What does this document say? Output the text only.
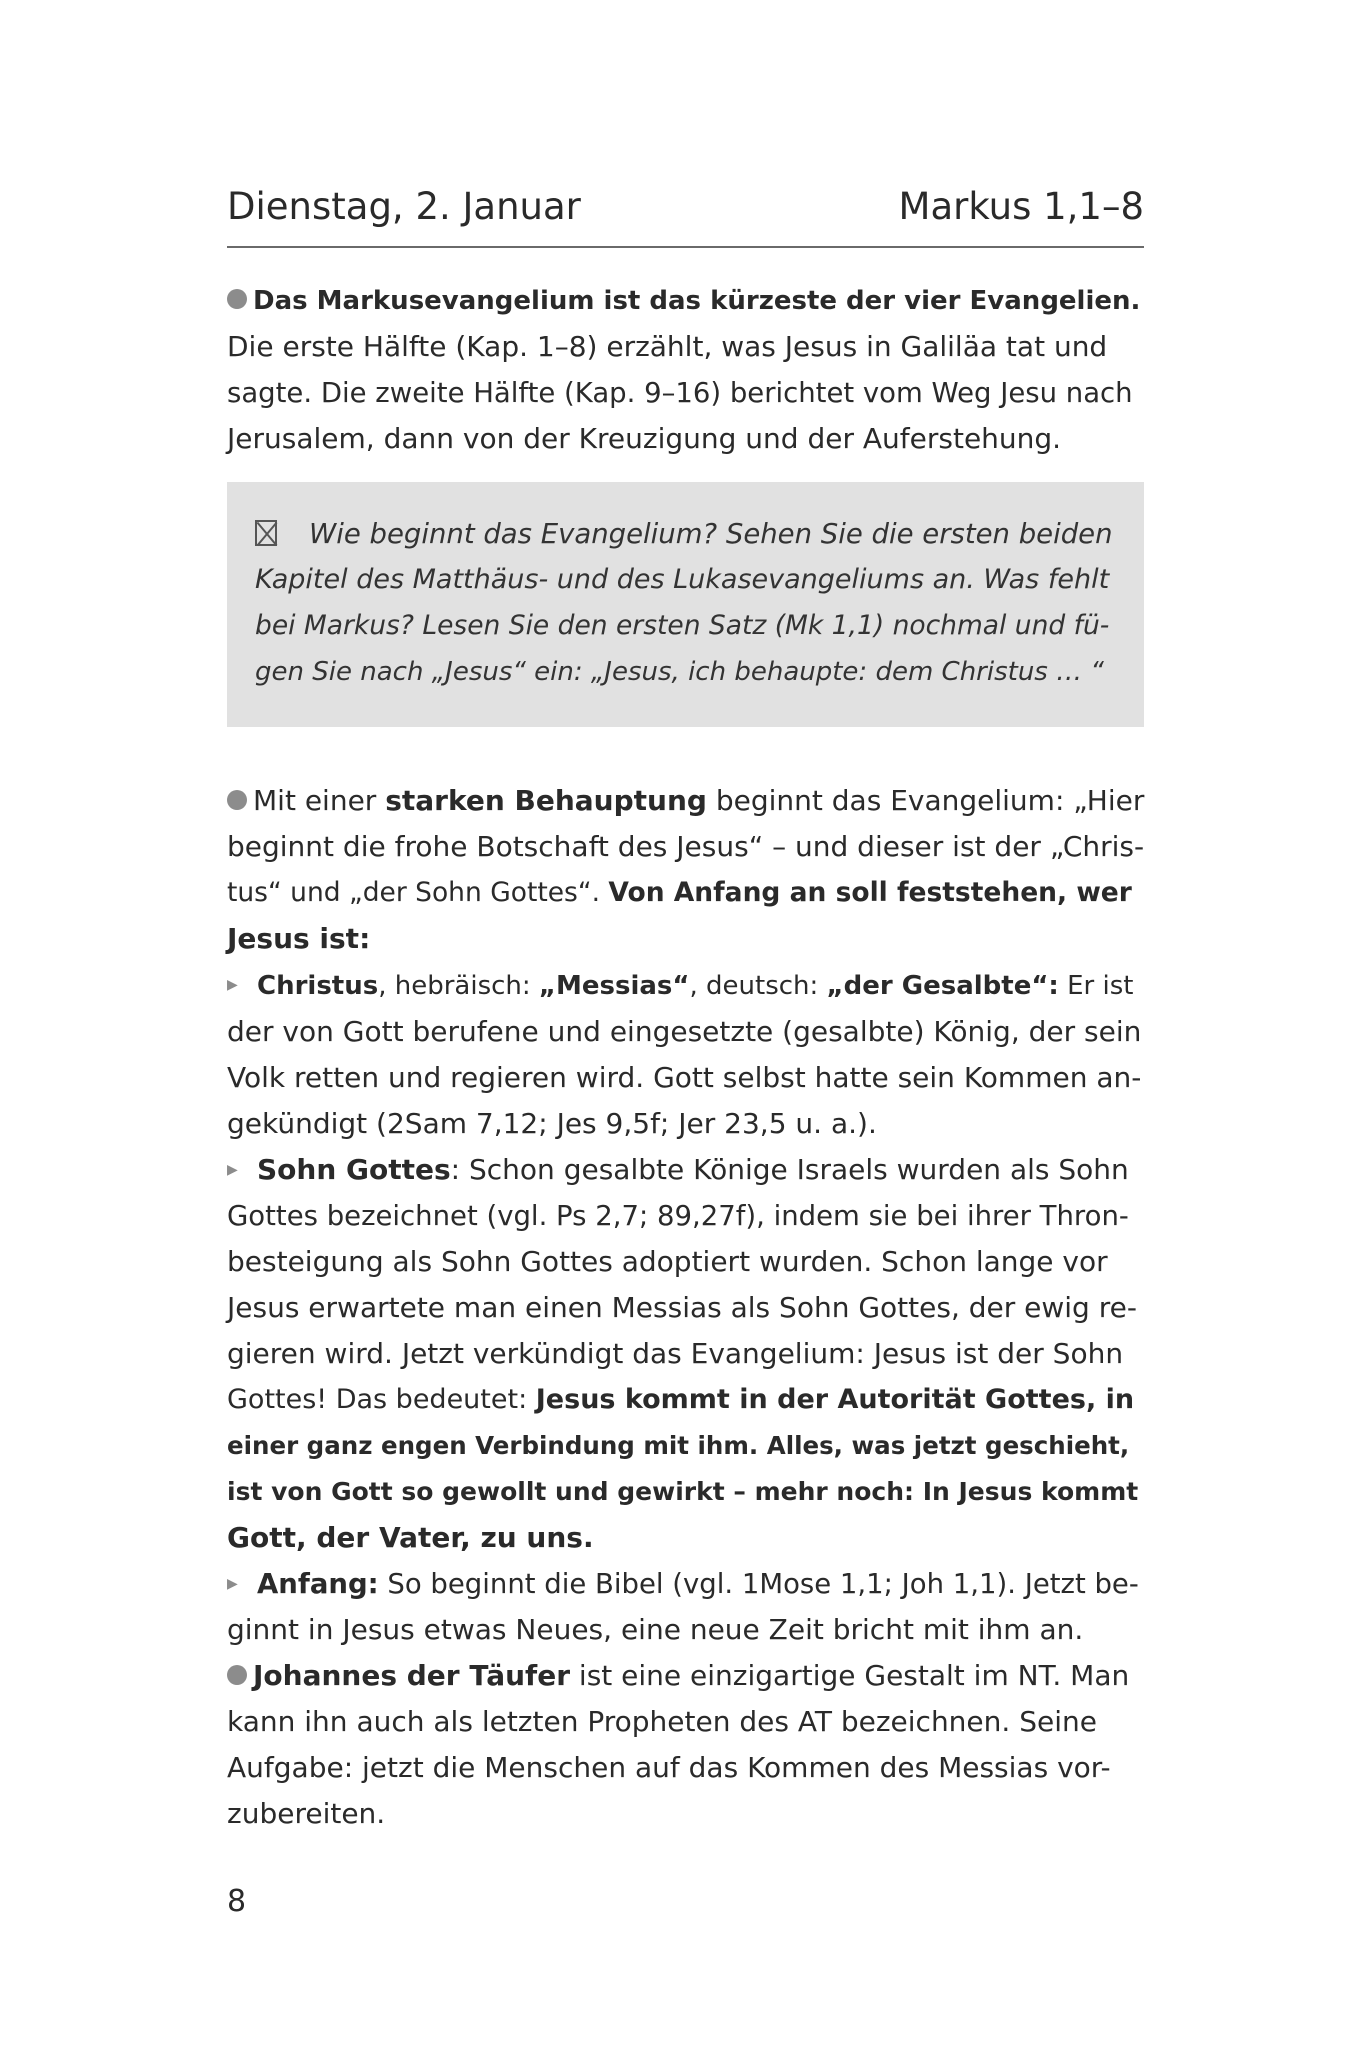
Dienstag, 2. Januar	Markus 1,1–8

Das Markusevangelium ist das kürzeste der vier Evangelien.

Die erste Hälfte (Kap. 1–8) erzählt, was Jesus in Galiläa tat und

sagte. Die zweite Hälfte (Kap. 9–16) berichtet vom Weg Jesu nach

Jerusalem, dann von der Kreuzigung und der Auferstehung.

Wie beginnt das Evangelium? Sehen Sie die ersten beiden

Kapitel des Matthäus- und des Lukasevangeliums an. Was fehlt

bei Markus? Lesen Sie den ersten Satz (Mk 1,1) nochmal und fü-

gen Sie nach „Jesus“ ein: „Jesus, ich behaupte: dem Christus … “

Mit einer starken Behauptung beginnt das Evangelium: „Hier

beginnt die frohe Botschaft des Jesus“ – und dieser ist der „Chris-

tus“ und „der Sohn Gottes“. Von Anfang an soll feststehen, wer

Jesus ist:

▶ Christus, hebräisch: „Messias“, deutsch: „der Gesalbte“: Er ist

der von Gott berufene und eingesetzte (gesalbte) König, der sein

Volk retten und regieren wird. Gott selbst hatte sein Kommen an-

gekündigt (2Sam 7,12; Jes 9,5f; Jer 23,5 u. a.).

▶ Sohn Gottes: Schon gesalbte Könige Israels wurden als Sohn

Gottes bezeichnet (vgl. Ps 2,7; 89,27f), indem sie bei ihrer Thron-

besteigung als Sohn Gottes adoptiert wurden. Schon lange vor

Jesus erwartete man einen Messias als Sohn Gottes, der ewig re-

gieren wird. Jetzt verkündigt das Evangelium: Jesus ist der Sohn

Gottes! Das bedeutet: Jesus kommt in der Autorität Gottes, in

einer ganz engen Verbindung mit ihm. Alles, was jetzt geschieht,

ist von Gott so gewollt und gewirkt – mehr noch: In Jesus kommt

Gott, der Vater, zu uns.

▶ Anfang: So beginnt die Bibel (vgl. 1Mose 1,1; Joh 1,1). Jetzt be-

ginnt in Jesus etwas Neues, eine neue Zeit bricht mit ihm an.

Johannes der Täufer ist eine einzigartige Gestalt im NT. Man

kann ihn auch als letzten Propheten des AT bezeichnen. Seine

Aufgabe: jetzt die Menschen auf das Kommen des Messias vor-

zubereiten.

8
